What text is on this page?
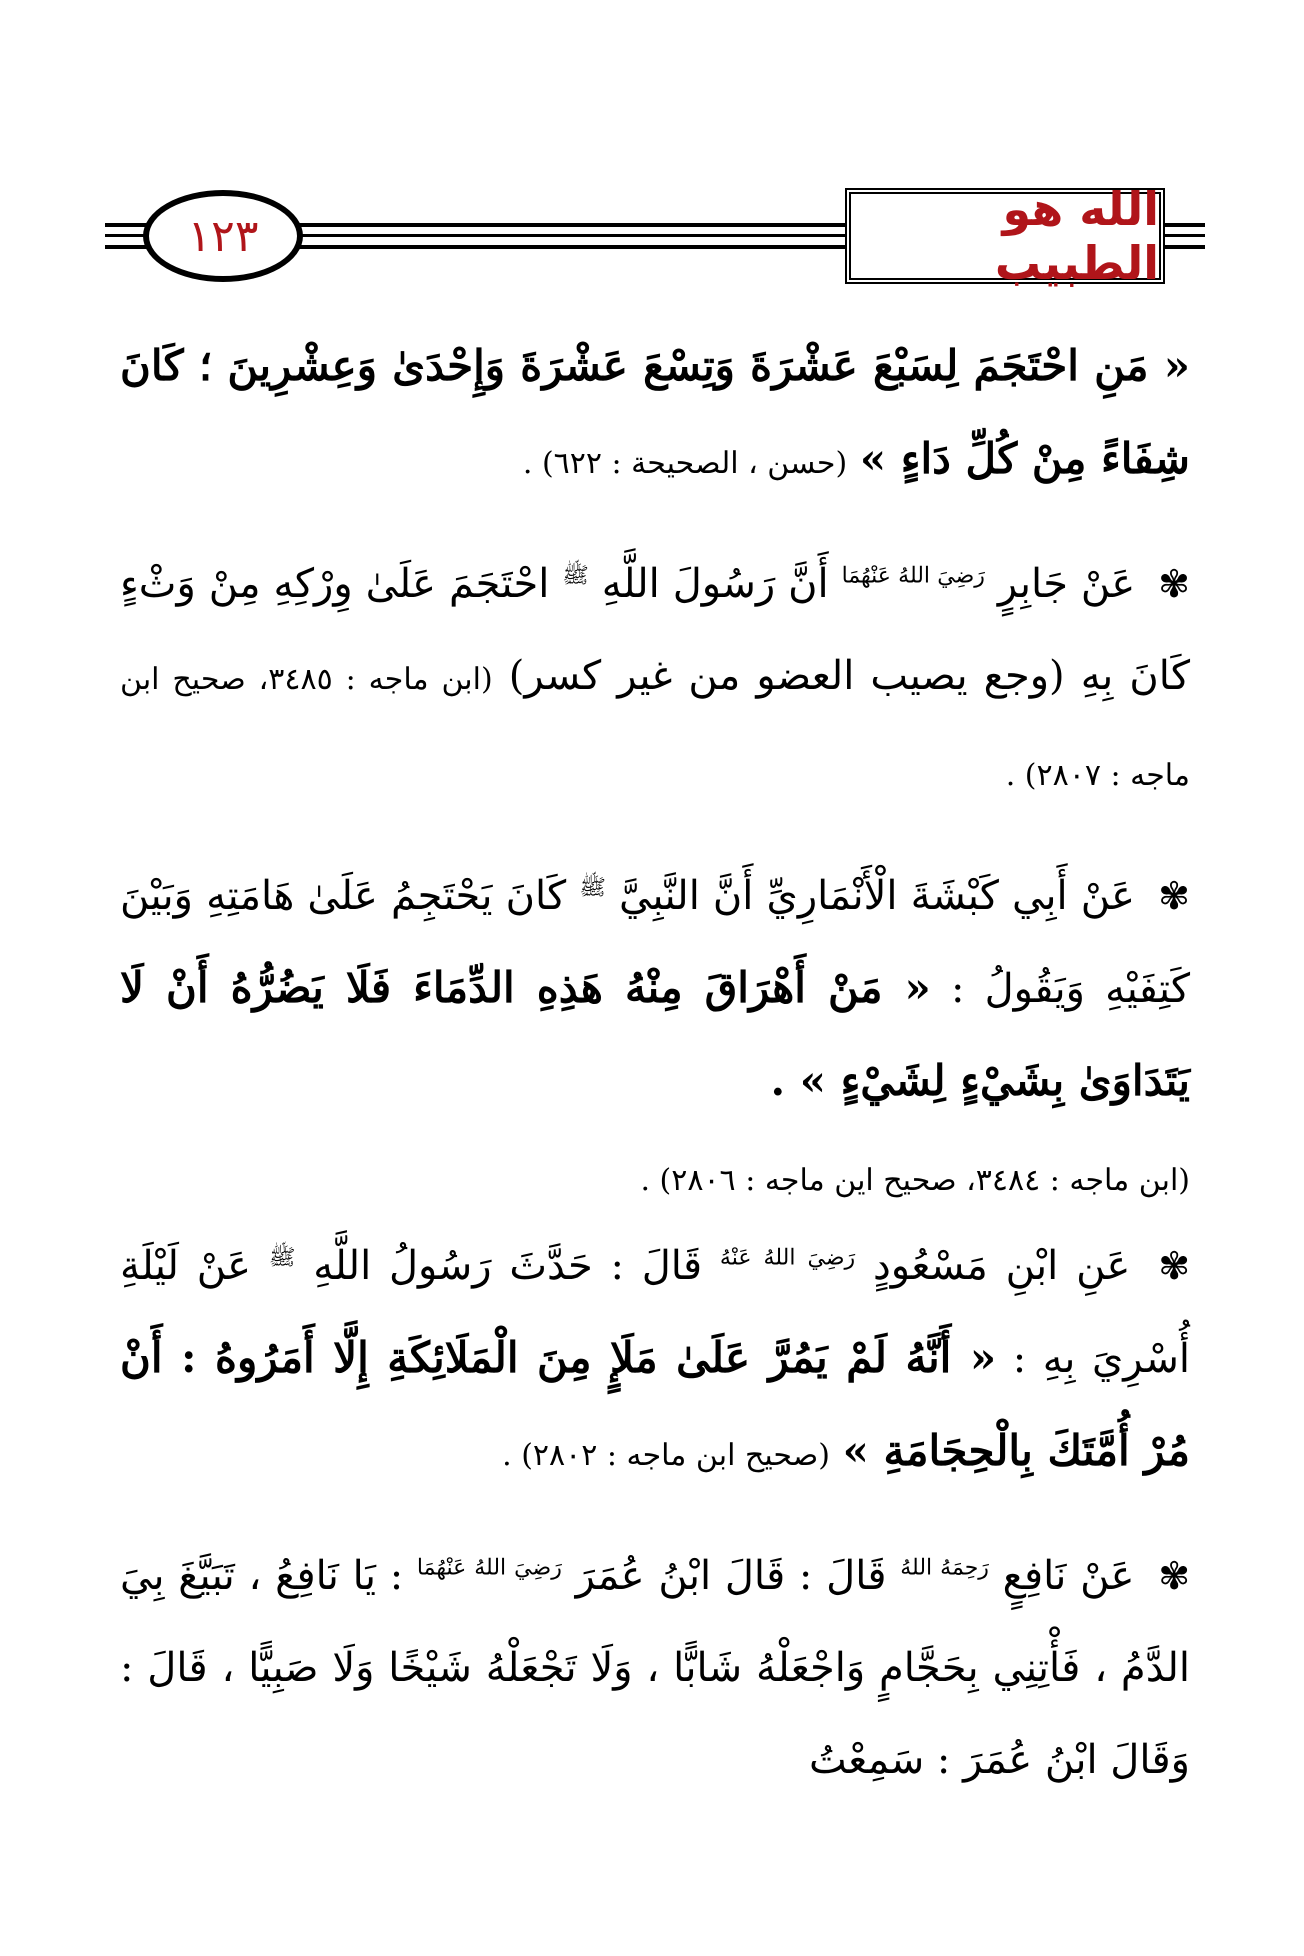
١٢٣	الله هو الطبيب

« مَنِ احْتَجَمَ لِسَبْعَ عَشْرَةَ وَتِسْعَ عَشْرَةَ وَإِحْدَىٰ وَعِشْرِينَ ؛ كَانَ شِفَاءً مِنْ كُلِّ دَاءٍ » (حسن ، الصحيحة : ٦٢٢) .

✾ عَنْ جَابِرٍ $^{رَضِيَ اللهُ عَنْهُمَا}$ أَنَّ رَسُولَ اللَّهِ $^ﷺ$ احْتَجَمَ عَلَىٰ وِرْكِهِ مِنْ وَثْءٍ كَانَ بِهِ (وجع يصيب العضو من غير كسر) (ابن ماجه : ٣٤٨٥، صحيح ابن ماجه : ٢٨٠٧) .

✾ عَنْ أَبِي كَبْشَةَ الْأَنْمَارِيِّ أَنَّ النَّبِيَّ $^ﷺ$ كَانَ يَحْتَجِمُ عَلَىٰ هَامَتِهِ وَبَيْنَ كَتِفَيْهِ وَيَقُولُ : « مَنْ أَهْرَاقَ مِنْهُ هَذِهِ الدِّمَاءَ فَلَا يَضُرُّهُ أَنْ لَا يَتَدَاوَىٰ بِشَيْءٍ لِشَيْءٍ » .

(ابن ماجه : ٣٤٨٤، صحيح اين ماجه : ٢٨٠٦) .

✾ عَنِ ابْنِ مَسْعُودٍ $^{رَضِيَ اللهُ عَنْهُ}$ قَالَ : حَدَّثَ رَسُولُ اللَّهِ $^ﷺ$ عَنْ لَيْلَةِ أُسْرِيَ بِهِ : « أَنَّهُ لَمْ يَمُرَّ عَلَىٰ مَلَإٍ مِنَ الْمَلَائِكَةِ إِلَّا أَمَرُوهُ : أَنْ مُرْ أُمَّتَكَ بِالْحِجَامَةِ » (صحيح ابن ماجه : ٢٨٠٢) .

✾ عَنْ نَافِعٍ $^{رَحِمَهُ اللهُ}$ قَالَ : قَالَ ابْنُ عُمَرَ $^{رَضِيَ اللهُ عَنْهُمَا}$ : يَا نَافِعُ ، تَبَيَّغَ بِيَ الدَّمُ ، فَأْتِنِي بِحَجَّامٍ وَاجْعَلْهُ شَابًّا ، وَلَا تَجْعَلْهُ شَيْخًا وَلَا صَبِيًّا ، قَالَ : وَقَالَ ابْنُ عُمَرَ : سَمِعْتُ
